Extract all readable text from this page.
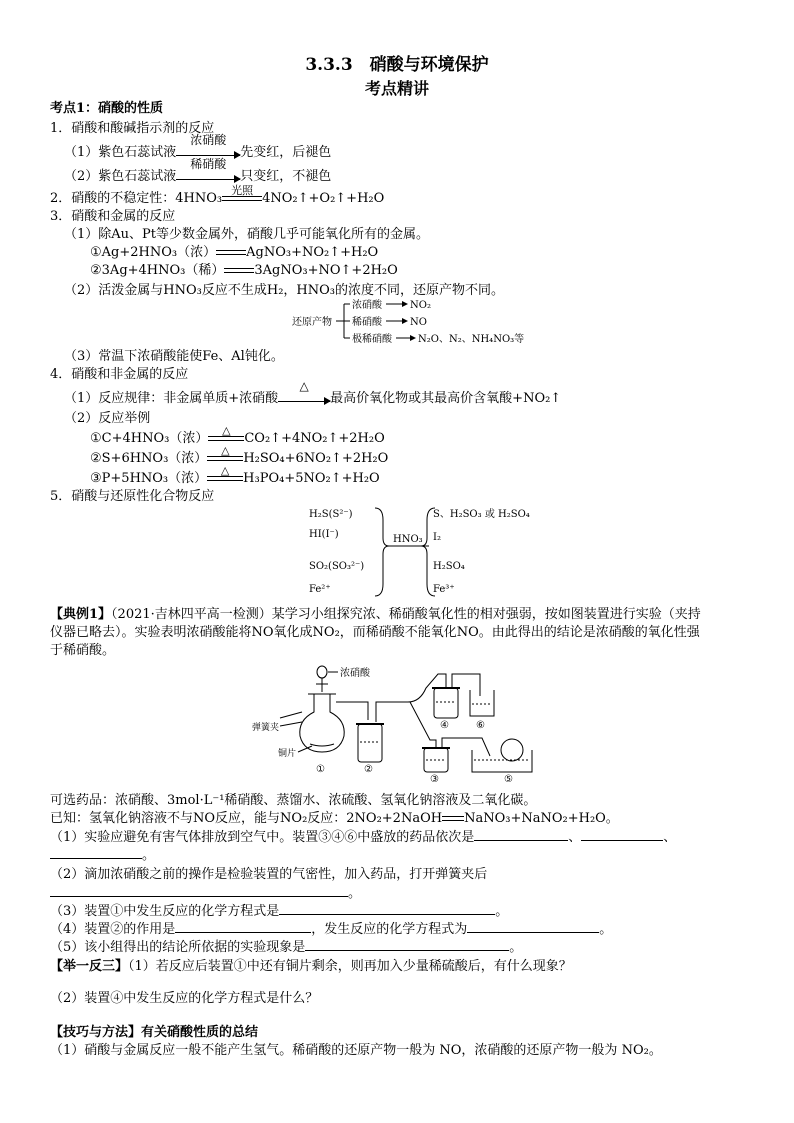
3.3.3　硝酸与环境保护
考点精讲
考点1：硝酸的性质
1．硝酸和酸碱指示剂的反应
（1）紫色石蕊试液
浓硝酸
先变红，后褪色
（2）紫色石蕊试液
稀硝酸
只变红，不褪色
2．硝酸的不稳定性：4HNO₃
光照
4NO₂↑+O₂↑+H₂O
3．硝酸和金属的反应
（1）除Au、Pt等少数金属外，硝酸几乎可能氧化所有的金属。
①Ag+2HNO₃（浓） AgNO₃+NO₂↑+H₂O
②3Ag+4HNO₃（稀） 3AgNO₃+NO↑+2H₂O
（2）活泼金属与HNO₃反应不生成H₂，HNO₃的浓度不同，还原产物不同。
还原产物
浓硝酸	NO₂
稀硝酸	NO
极稀硝酸	N₂O、N₂、NH₄NO₃等
（3）常温下浓硝酸能使Fe、Al钝化。
4．硝酸和非金属的反应
（1）反应规律：非金属单质+浓硝酸
△
最高价氧化物或其最高价含氧酸+NO₂↑
（2）反应举例
①C+4HNO₃（浓）
△
CO₂↑+4NO₂↑+2H₂O
②S+6HNO₃（浓）
△
H₂SO₄+6NO₂↑+2H₂O
③P+5HNO₃（浓）
△
H₃PO₄+5NO₂↑+H₂O
5．硝酸与还原性化合物反应
H₂S(S²⁻)
HI(I⁻)
SO₂(SO₃²⁻)
Fe²⁺
HNO₃
S、H₂SO₃ 或 H₂SO₄
I₂
H₂SO₄
Fe³⁺
【典例1】（2021·吉林四平高一检测）某学习小组探究浓、稀硝酸氧化性的相对强弱，按如图装置进行实验（夹持
仪器已略去）。实验表明浓硝酸能将NO氧化成NO₂，而稀硝酸不能氧化NO。由此得出的结论是浓硝酸的氧化性强
于稀硝酸。
浓硝酸
弹簧夹
铜片
①	②
④	⑥
③	⑤
可选药品：浓硝酸、3mol·L⁻¹稀硝酸、蒸馏水、浓硫酸、氢氧化钠溶液及二氧化碳。
已知：氢氧化钠溶液不与NO反应，能与NO₂反应：2NO₂+2NaOH NaNO₃+NaNO₂+H₂O。
（1）实验应避免有害气体排放到空气中。装置③④⑥中盛放的药品依次是	、	、
。
（2）滴加浓硝酸之前的操作是检验装置的气密性，加入药品，打开弹簧夹后
。
（3）装置①中发生反应的化学方程式是	。
（4）装置②的作用是	，发生反应的化学方程式为	。
（5）该小组得出的结论所依据的实验现象是	。
【举一反三】（1）若反应后装置①中还有铜片剩余，则再加入少量稀硫酸后，有什么现象？
（2）装置④中发生反应的化学方程式是什么？
【技巧与方法】有关硝酸性质的总结
（1）硝酸与金属反应一般不能产生氢气。稀硝酸的还原产物一般为 NO，浓硝酸的还原产物一般为 NO₂。
